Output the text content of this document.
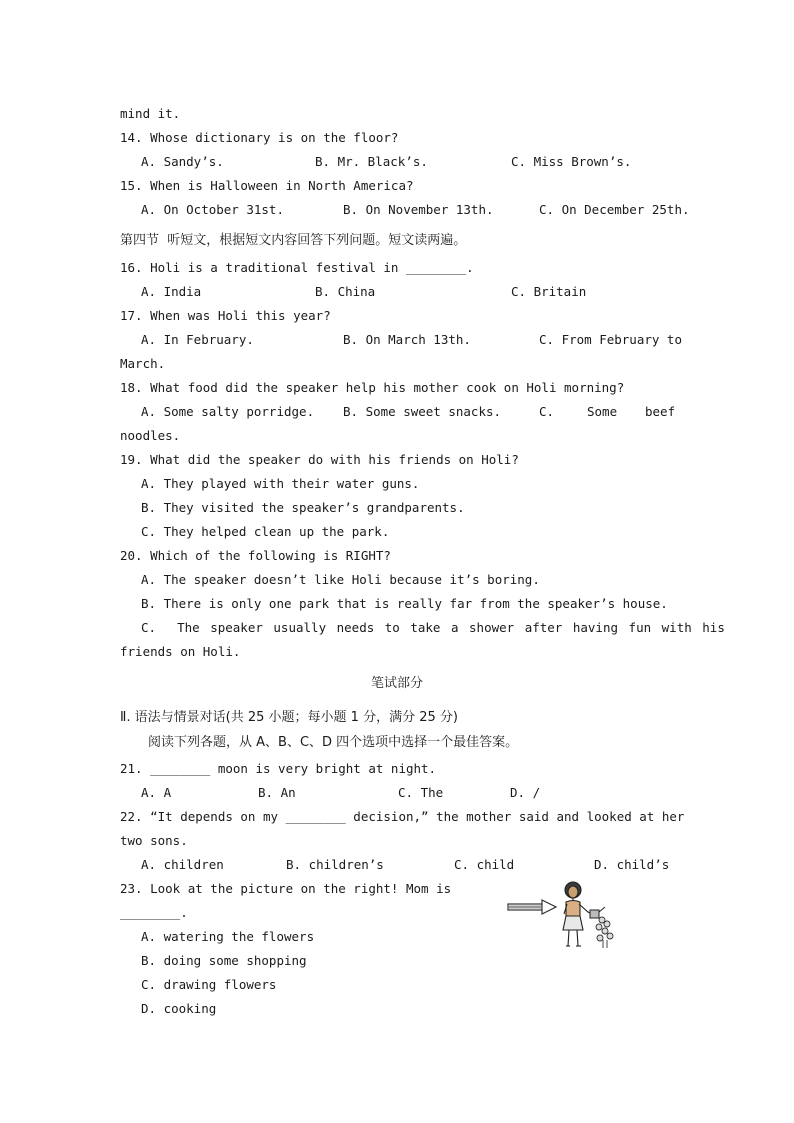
mind it.
14. Whose dictionary is on the floor?
A. Sandy’s.	B. Mr. Black’s.	C. Miss Brown’s.
15. When is Halloween in North America?
A. On October 31st.	B. On November 13th.	C. On December 25th.
第四节  听短文，根据短文内容回答下列问题。短文读两遍。
16. Holi is a traditional festival in ________.
A. India	B. China	C. Britain
17. When was Holi this year?
A. In February.	B. On March 13th.	C. From February to
March.
18. What food did the speaker help his mother cook on Holi morning?
A. Some salty porridge. B. Some sweet snacks.	C.	Some beef
noodles.
19. What did the speaker do with his friends on Holi?
A. They played with their water guns.
B. They visited the speaker’s grandparents.
C. They helped clean up the park.
20. Which of the following is RIGHT?
A. The speaker doesn’t like Holi because it’s boring.
B. There is only one park that is really far from the speaker’s house.
C.  The speaker usually needs to take a shower after having fun with his
friends on Holi.
笔试部分
Ⅱ. 语法与情景对话(共 25 小题；每小题 1 分，满分 25 分)
阅读下列各题，从 A、B、C、D 四个选项中选择一个最佳答案。
21. ________ moon is very bright at night.
A. A	B. An	C. The	D. /
22. “It depends on my ________ decision,” the mother said and looked at her
two sons.
A. children	B. children’s	C. child	D. child’s
23. Look at the picture on the right! Mom is
________.
A. watering the flowers
B. doing some shopping
C. drawing flowers
D. cooking
